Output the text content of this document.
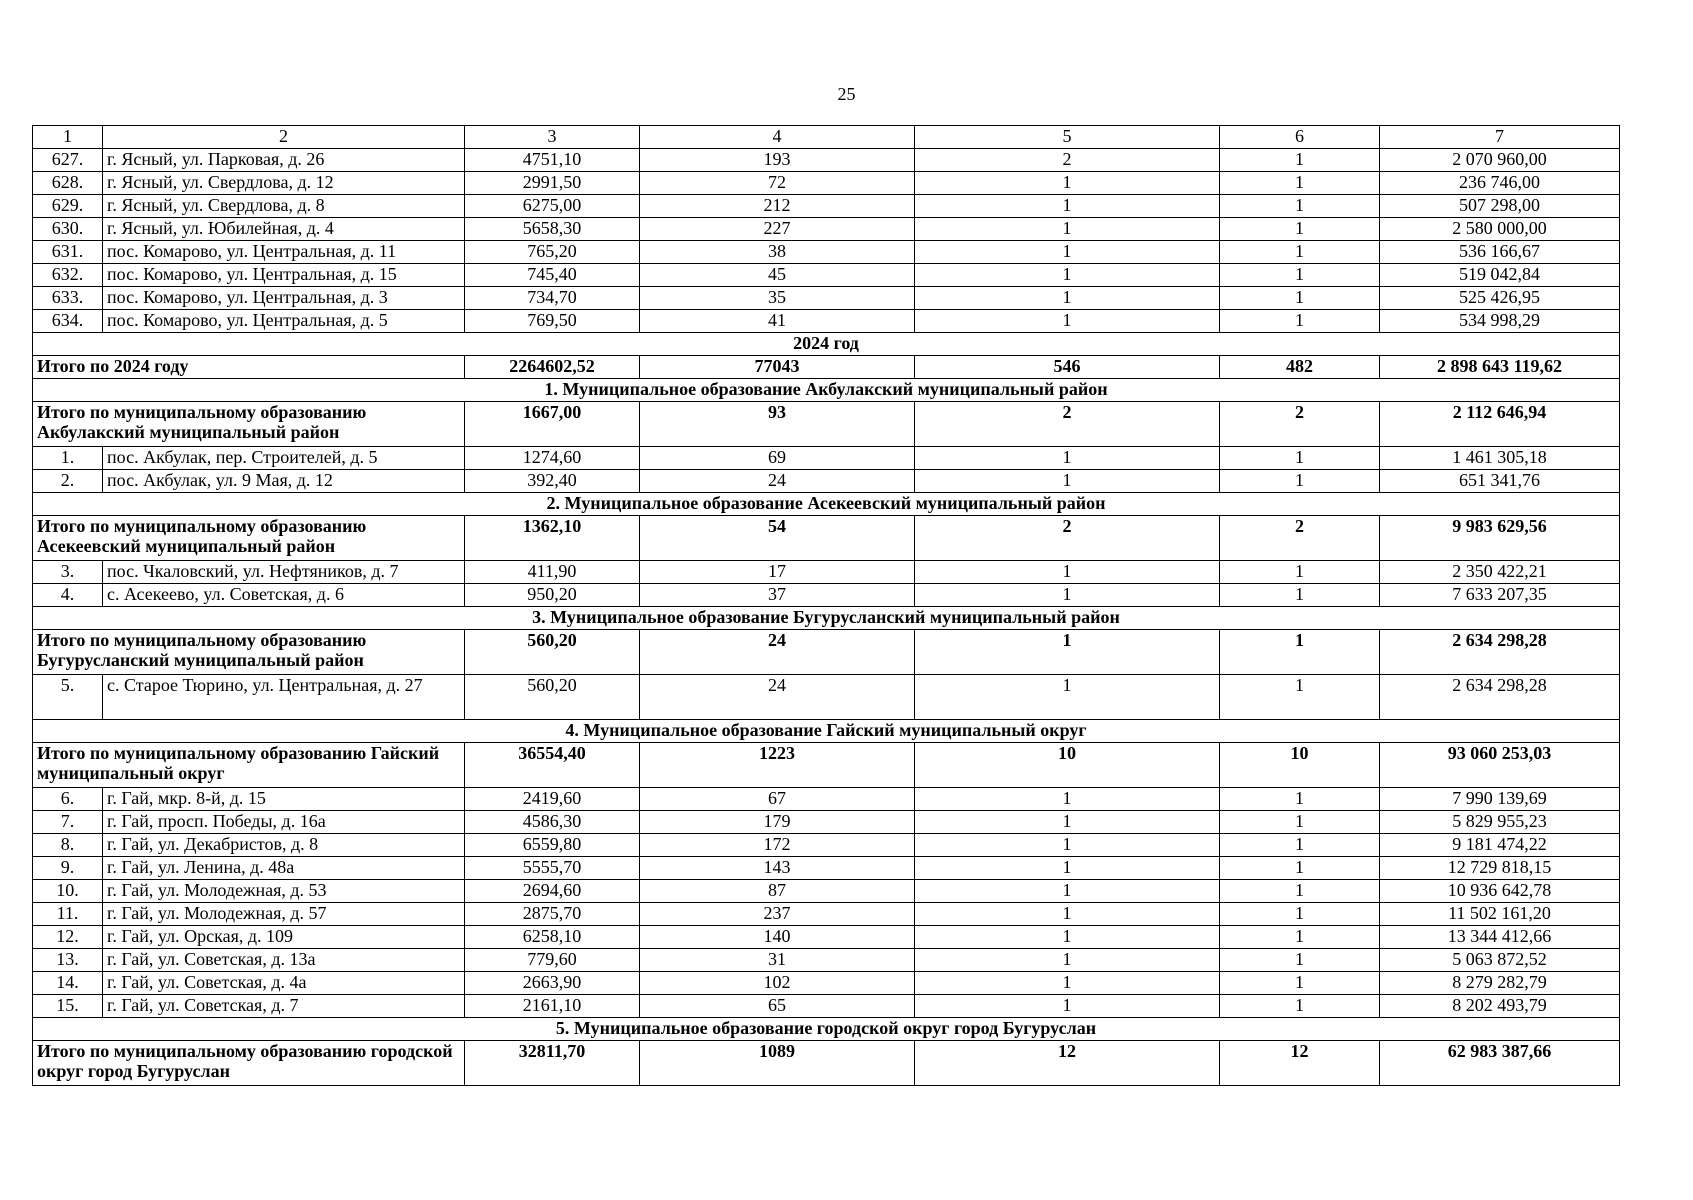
25
1	2	3	4	5	6	7
627.	г. Ясный, ул. Парковая, д. 26	4751,10	193	2	1	2 070 960,00
628.	г. Ясный, ул. Свердлова, д. 12	2991,50	72	1	1	236 746,00
629.	г. Ясный, ул. Свердлова, д. 8	6275,00	212	1	1	507 298,00
630.	г. Ясный, ул. Юбилейная, д. 4	5658,30	227	1	1	2 580 000,00
631.	пос. Комарово, ул. Центральная, д. 11	765,20	38	1	1	536 166,67
632.	пос. Комарово, ул. Центральная, д. 15	745,40	45	1	1	519 042,84
633.	пос. Комарово, ул. Центральная, д. 3	734,70	35	1	1	525 426,95
634.	пос. Комарово, ул. Центральная, д. 5	769,50	41	1	1	534 998,29
2024 год						
Итого по 2024 году		2264602,52	77043	546	482	2 898 643 119,62
1. Муниципальное образование Акбулакский муниципальный район						
Итого по муниципальному образованию Акбулакский муниципальный район		1667,00	93	2	2	2 112 646,94
1.	пос. Акбулак, пер. Строителей, д. 5	1274,60	69	1	1	1 461 305,18
2.	пос. Акбулак, ул. 9 Мая, д. 12	392,40	24	1	1	651 341,76
2. Муниципальное образование Асекеевский муниципальный район						
Итого по муниципальному образованию Асекеевский муниципальный район		1362,10	54	2	2	9 983 629,56
3.	пос. Чкаловский, ул. Нефтяников, д. 7	411,90	17	1	1	2 350 422,21
4.	с. Асекеево, ул. Советская, д. 6	950,20	37	1	1	7 633 207,35
3. Муниципальное образование Бугурусланский муниципальный район						
Итого по муниципальному образованию Бугурусланский муниципальный район		560,20	24	1	1	2 634 298,28
5.	с. Старое Тюрино, ул. Центральная, д. 27	560,20	24	1	1	2 634 298,28
4. Муниципальное образование Гайский муниципальный округ						
Итого по муниципальному образованию Гайский муниципальный округ		36554,40	1223	10	10	93 060 253,03
6.	г. Гай, мкр. 8-й, д. 15	2419,60	67	1	1	7 990 139,69
7.	г. Гай, просп. Победы, д. 16а	4586,30	179	1	1	5 829 955,23
8.	г. Гай, ул. Декабристов, д. 8	6559,80	172	1	1	9 181 474,22
9.	г. Гай, ул. Ленина, д. 48а	5555,70	143	1	1	12 729 818,15
10.	г. Гай, ул. Молодежная, д. 53	2694,60	87	1	1	10 936 642,78
11.	г. Гай, ул. Молодежная, д. 57	2875,70	237	1	1	11 502 161,20
12.	г. Гай, ул. Орская, д. 109	6258,10	140	1	1	13 344 412,66
13.	г. Гай, ул. Советская, д. 13а	779,60	31	1	1	5 063 872,52
14.	г. Гай, ул. Советская, д. 4а	2663,90	102	1	1	8 279 282,79
15.	г. Гай, ул. Советская, д. 7	2161,10	65	1	1	8 202 493,79
5. Муниципальное образование городской округ город Бугуруслан						
Итого по муниципальному образованию городской округ город Бугуруслан		32811,70	1089	12	12	62 983 387,66
